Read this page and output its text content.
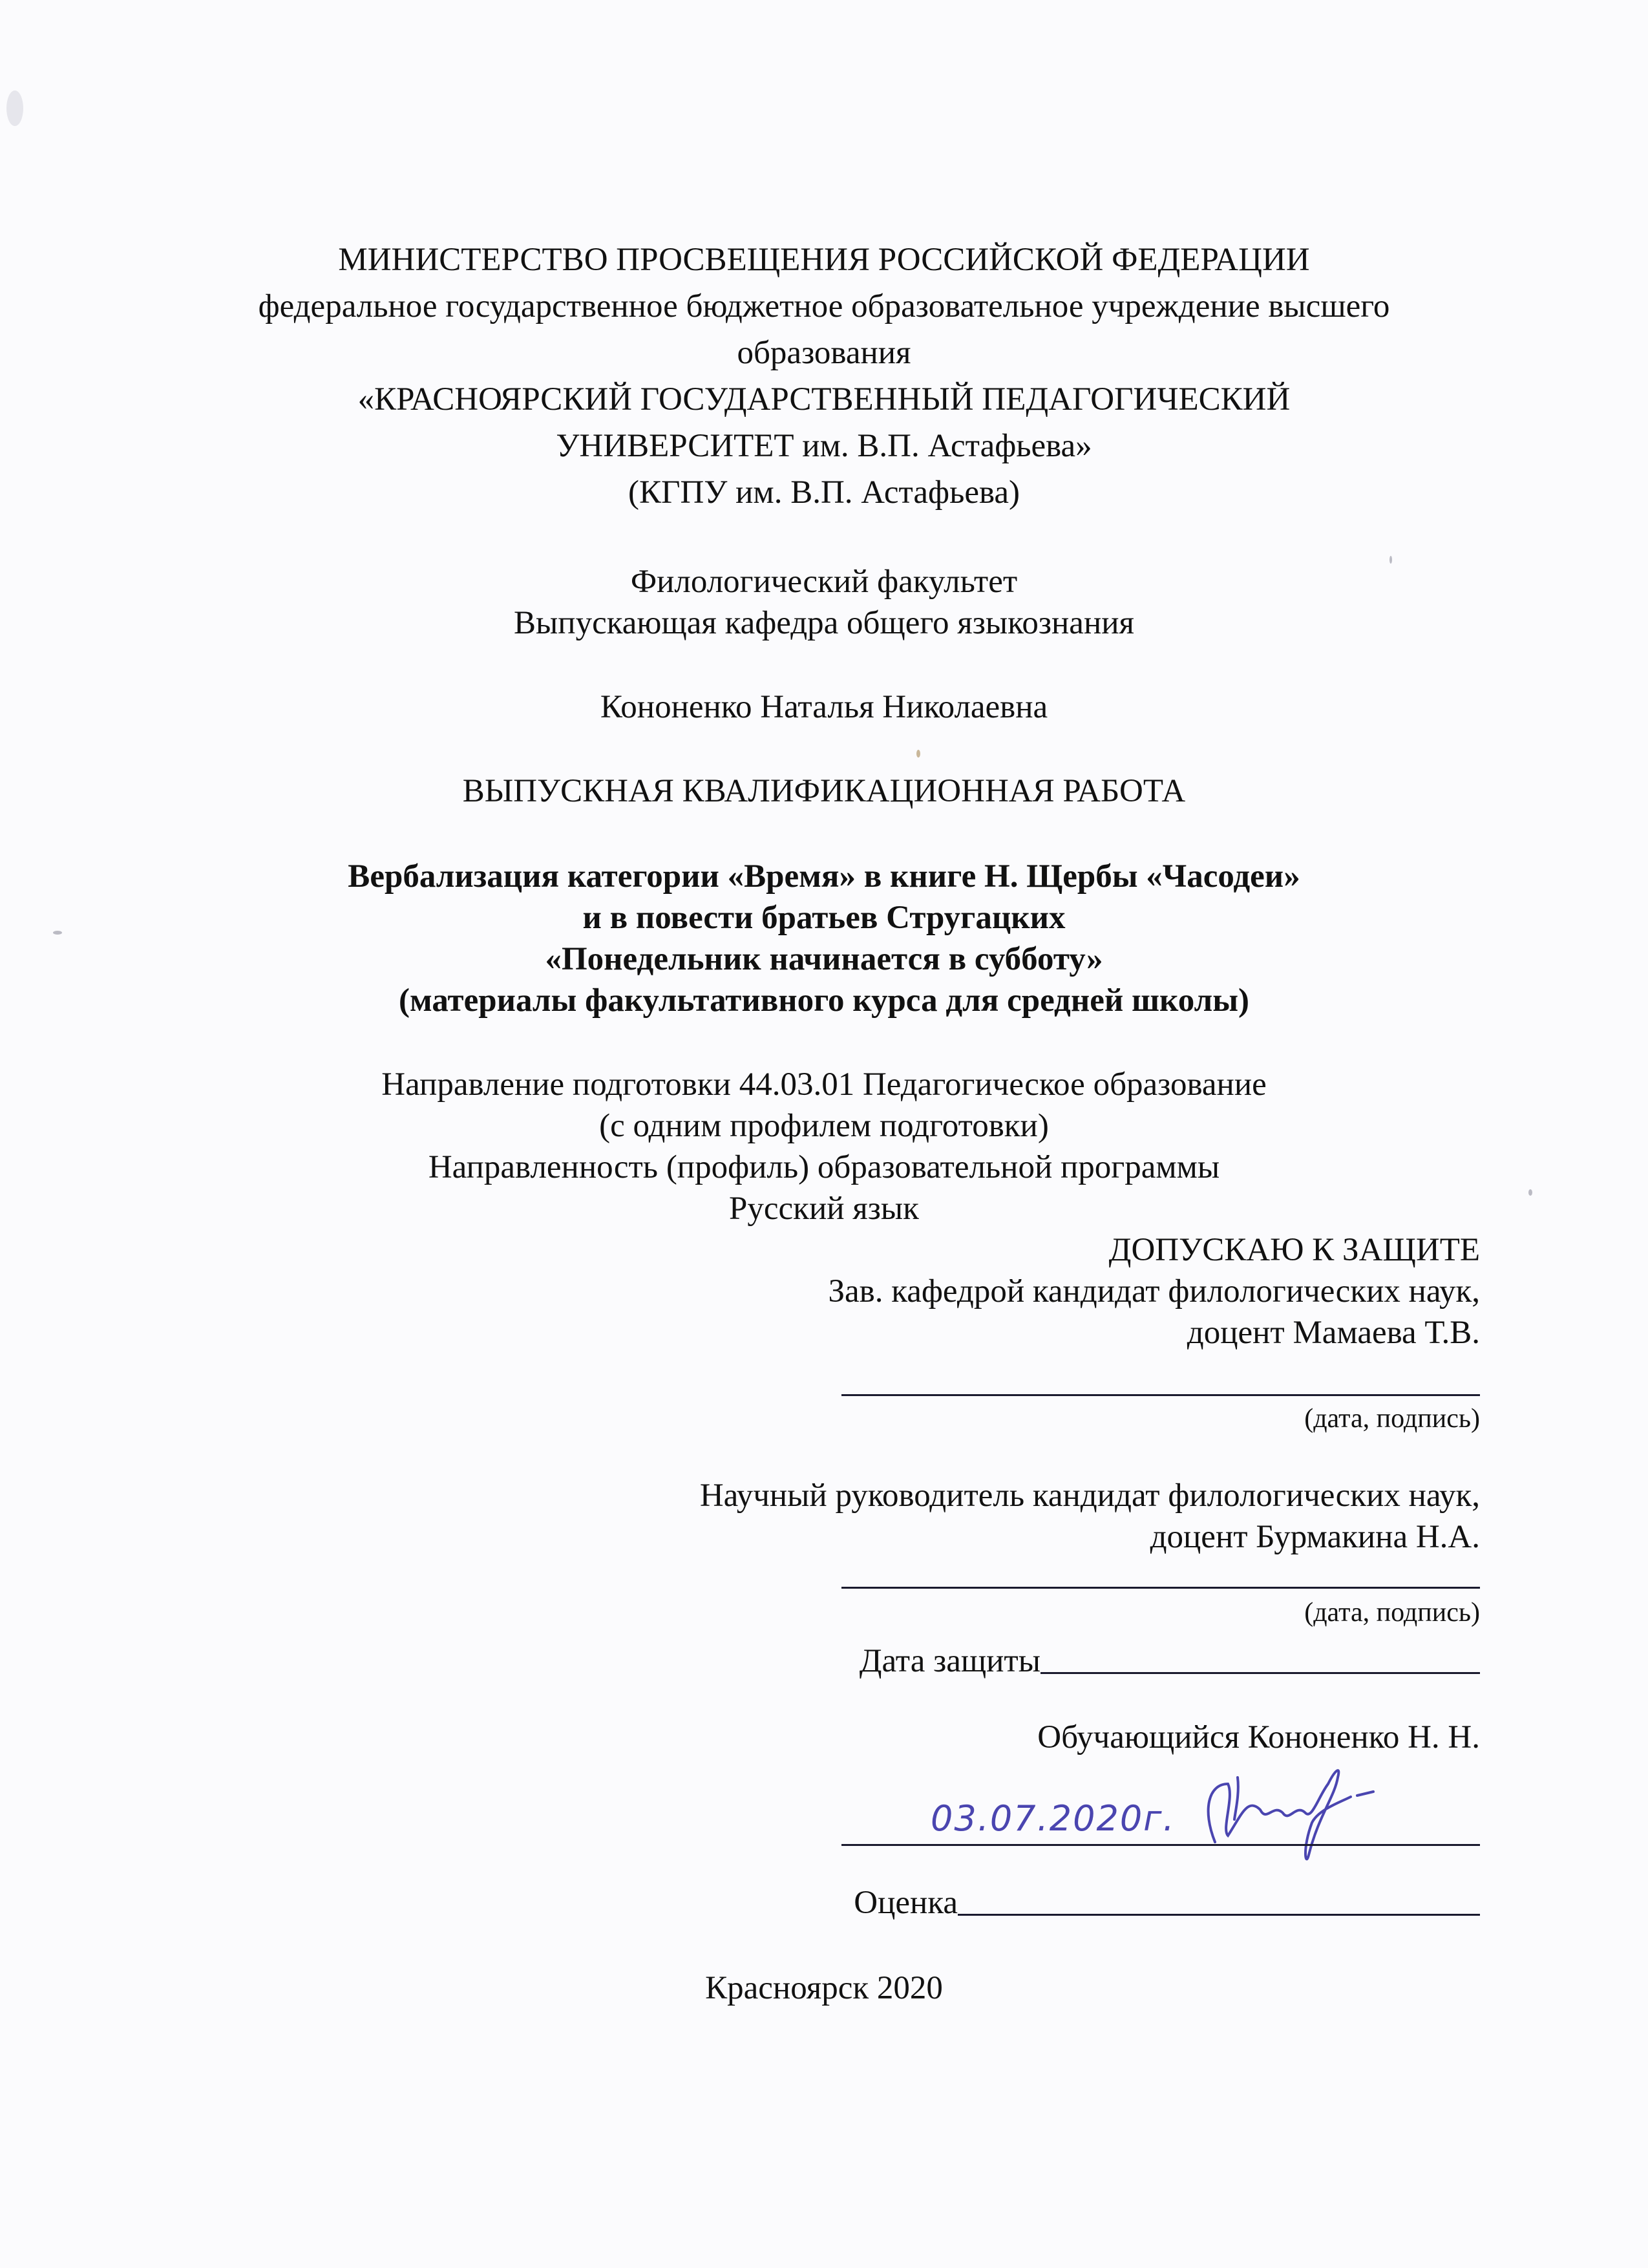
МИНИСТЕРСТВО ПРОСВЕЩЕНИЯ РОССИЙСКОЙ ФЕДЕРАЦИИ
федеральное государственное бюджетное образовательное учреждение высшего
образования
«КРАСНОЯРСКИЙ ГОСУДАРСТВЕННЫЙ ПЕДАГОГИЧЕСКИЙ
УНИВЕРСИТЕТ им. В.П. Астафьева»
(КГПУ им. В.П. Астафьева)
Филологический факультет
Выпускающая кафедра общего языкознания
Кононенко Наталья Николаевна
ВЫПУСКНАЯ КВАЛИФИКАЦИОННАЯ РАБОТА
Вербализация категории «Время» в книге Н. Щербы «Часодеи»
и в повести братьев Стругацких
«Понедельник начинается в субботу»
(материалы факультативного курса для средней школы)
Направление подготовки 44.03.01 Педагогическое образование
(с одним профилем подготовки)
Направленность (профиль) образовательной программы
Русский язык
ДОПУСКАЮ К ЗАЩИТЕ
Зав. кафедрой кандидат филологических наук,
доцент Мамаева Т.В.
(дата, подпись)
Научный руководитель кандидат филологических наук,
доцент Бурмакина Н.А.
(дата, подпись)
Дата защиты
Обучающийся Кононенко Н. Н.
03.07.2020г.
Оценка
Красноярск 2020
